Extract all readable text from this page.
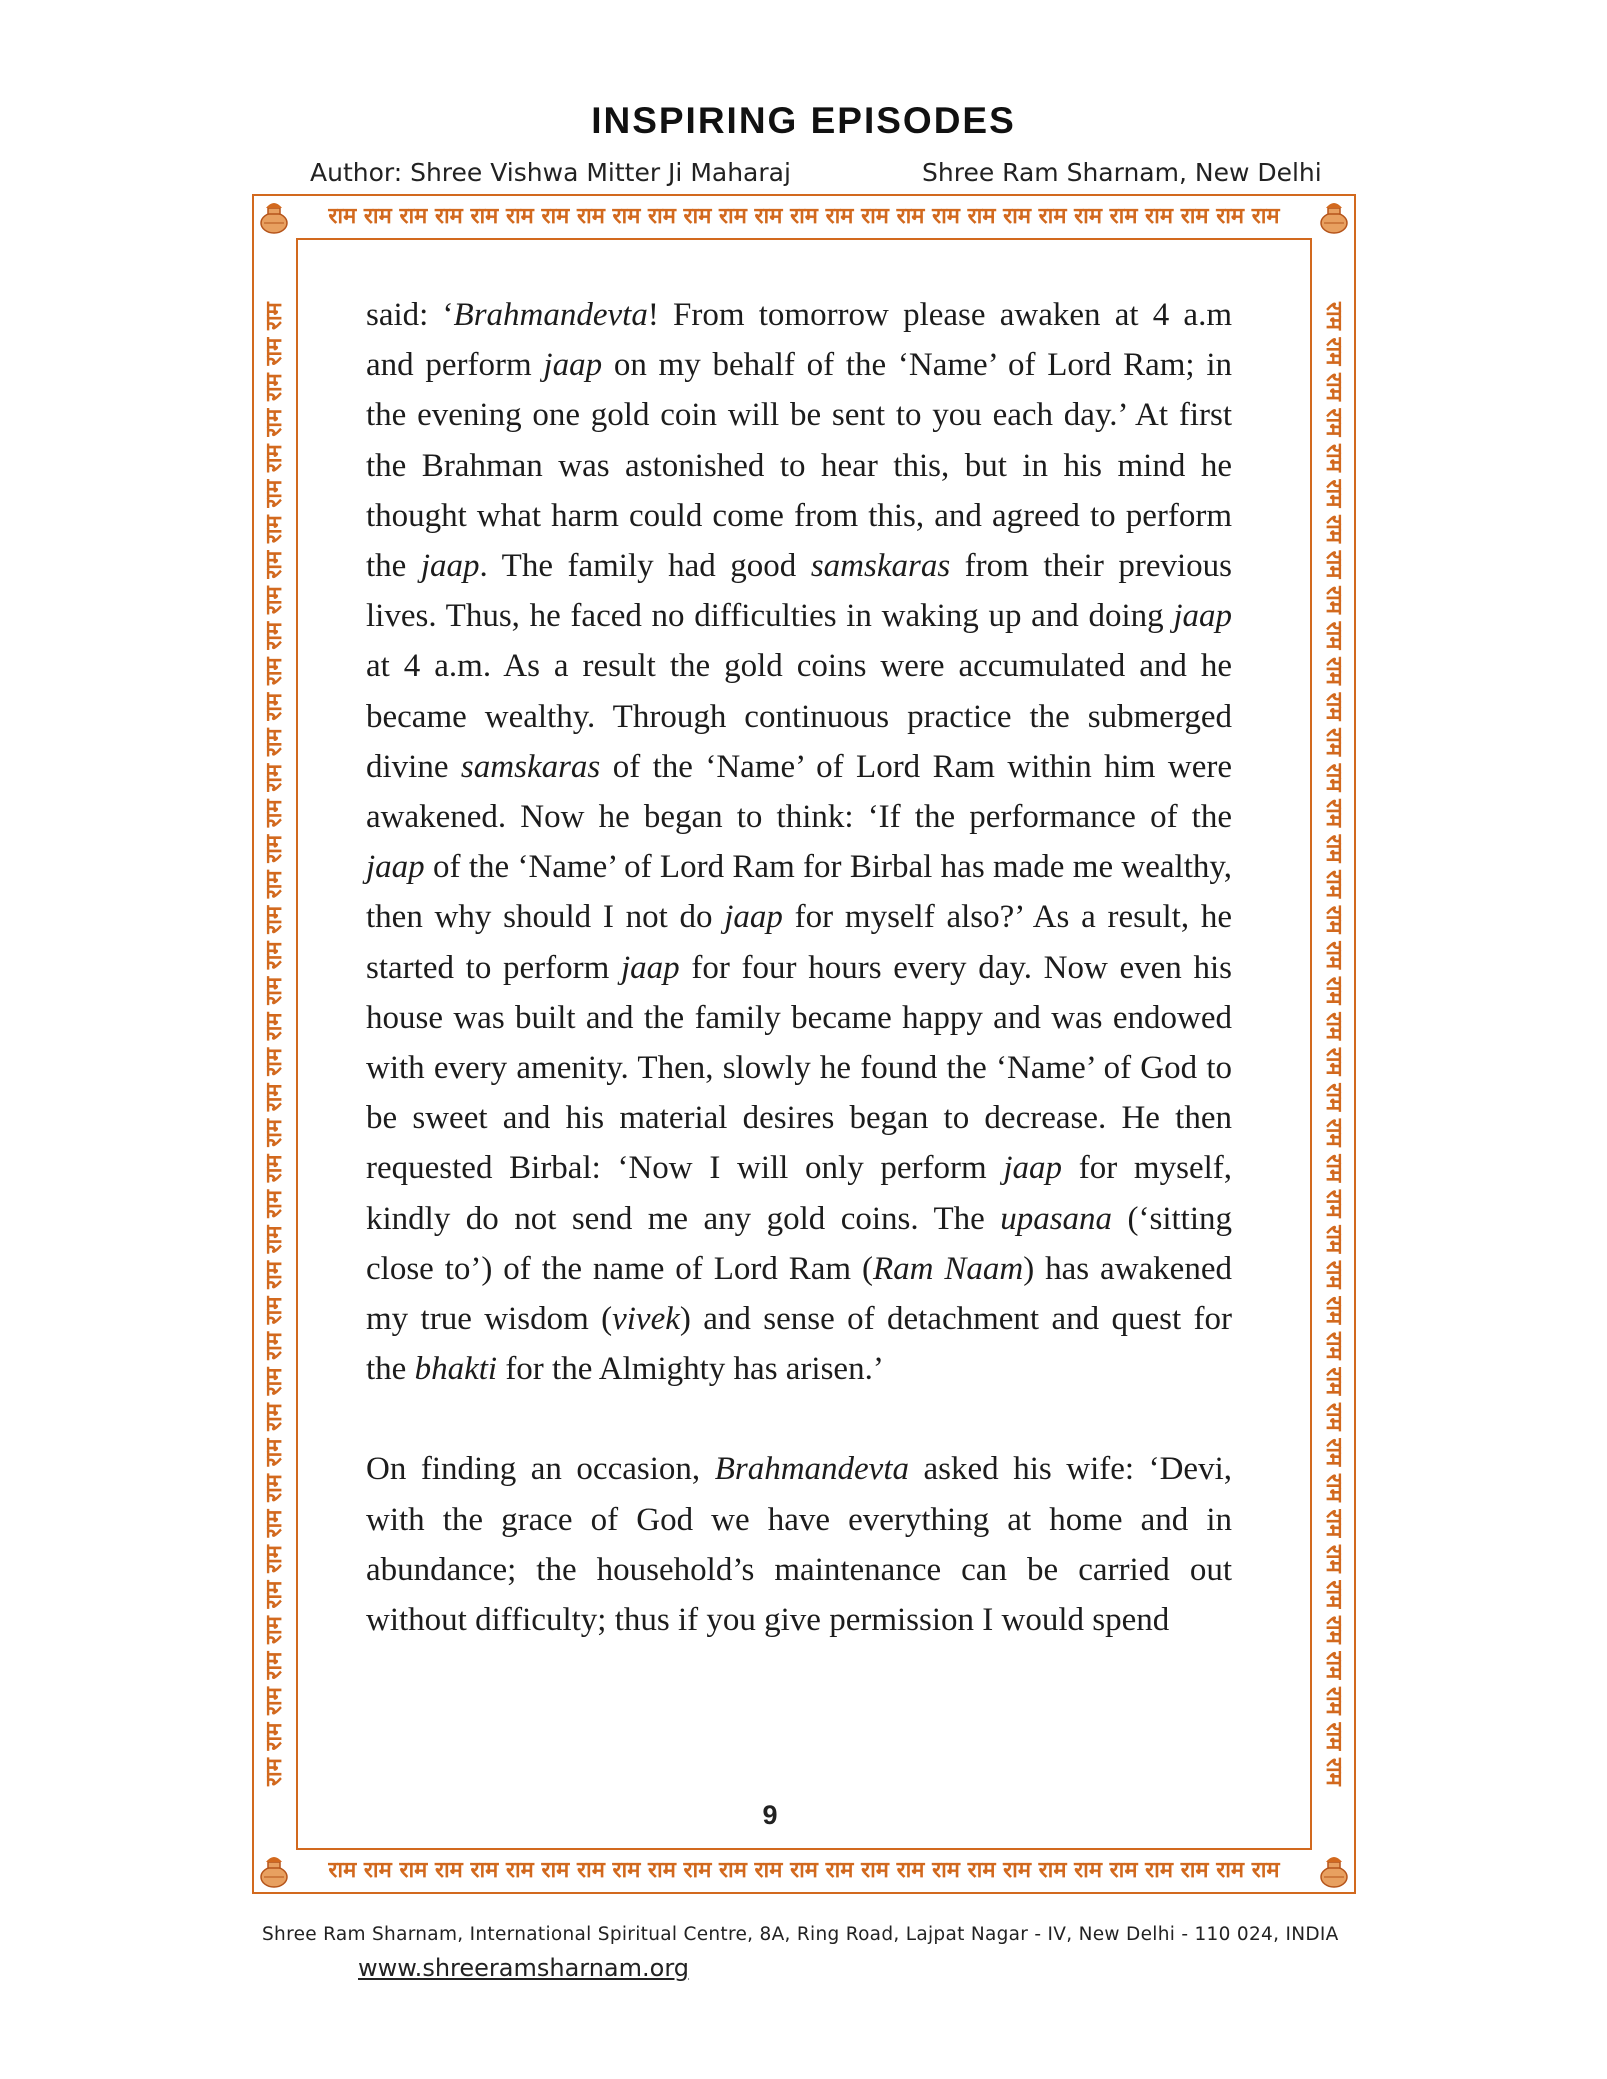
INSPIRING EPISODES
Author: Shree Vishwa Mitter Ji Maharaj	Shree Ram Sharnam, New Delhi
राम राम राम राम राम राम राम राम राम राम राम राम राम राम राम राम राम राम राम राम राम राम राम राम राम राम राम
राम राम राम राम राम राम राम राम राम राम राम राम राम राम राम राम राम राम राम राम राम राम राम राम राम राम राम
राम राम राम राम राम राम राम राम राम राम राम राम राम राम राम राम राम राम राम राम राम राम राम राम राम राम राम राम राम राम राम राम राम राम राम राम राम राम राम राम राम राम	राम राम राम राम राम राम राम राम राम राम राम राम राम राम राम राम राम राम राम राम राम राम राम राम राम राम राम राम राम राम राम राम राम राम राम राम राम राम राम राम राम राम

said: ‘Brahmandevta! From tomorrow please awaken at 4 a.m and perform jaap on my behalf of the ‘Name’ of Lord Ram; in the evening one gold coin will be sent to you each day.’ At first the Brahman was astonished to hear this, but in his mind he thought what harm could come from this, and agreed to perform the jaap. The family had good samskaras from their previous lives. Thus, he faced no difficulties in waking up and doing jaap at 4 a.m. As a result the gold coins were accumulated and he became wealthy. Through continuous practice the submerged divine samskaras of the ‘Name’ of Lord Ram within him were awakened. Now he began to think: ‘If the performance of the jaap of the ‘Name’ of Lord Ram for Birbal has made me wealthy, then why should I not do jaap for myself also?’ As a result, he started to perform jaap for four hours every day. Now even his house was built and the family became happy and was endowed with every amenity. Then, slowly he found the ‘Name’ of God to be sweet and his material desires began to decrease. He then requested Birbal: ‘Now I will only perform jaap for myself, kindly do not send me any gold coins. The upasana (‘sitting close to’) of the name of Lord Ram (Ram Naam) has awakened my true wisdom (vivek) and sense of detachment and quest for the bhakti for the Almighty has arisen.’

On finding an occasion, Brahmandevta asked his wife: ‘Devi, with the grace of God we have everything at home and in abundance; the household’s maintenance can be carried out without difficulty; thus if you give permission I would spend

9
Shree Ram Sharnam, International Spiritual Centre, 8A, Ring Road, Lajpat Nagar - IV, New Delhi - 110 024, INDIA
www.shreeramsharnam.org
